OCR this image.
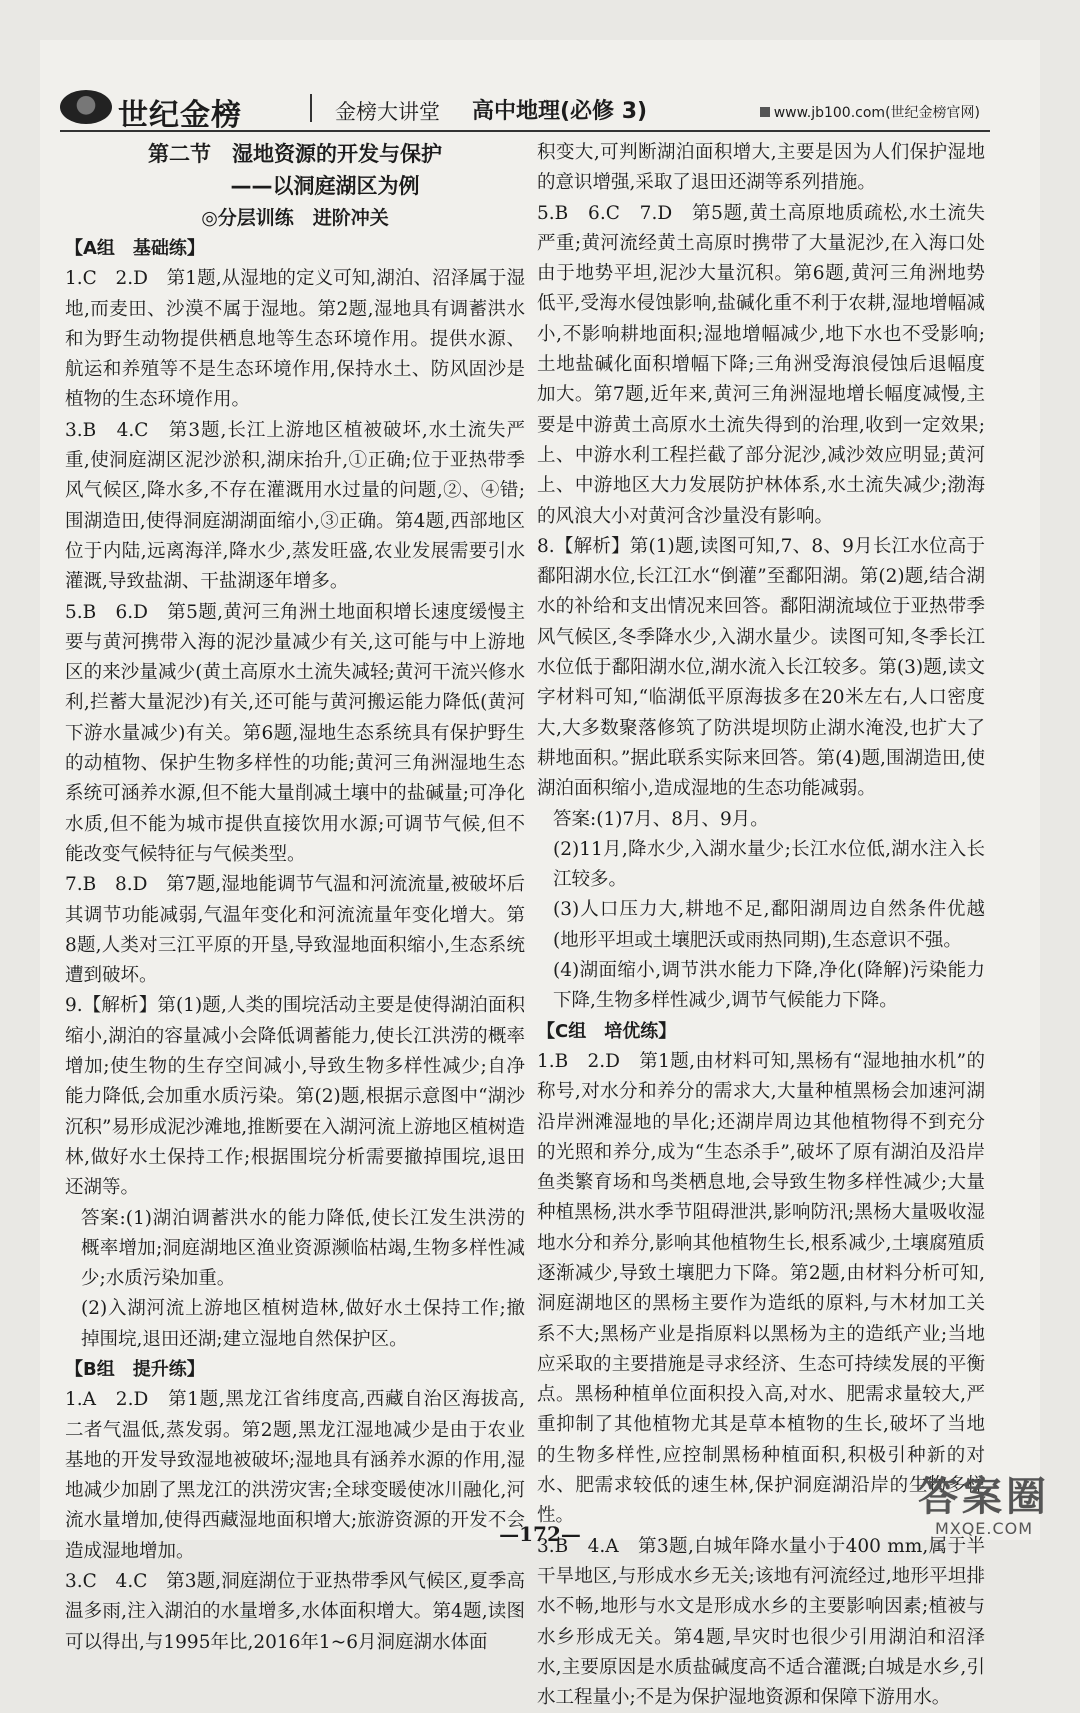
世纪金榜	金榜大讲堂 高中地理(必修 3)	www.jb100.com(世纪金榜官网)

第二节　湿地资源的开发与保护

——以洞庭湖区为例

◎分层训练　进阶冲关

【A组　基础练】

1.C　2.D　第1题,从湿地的定义可知,湖泊、沼泽属于湿地,而麦田、沙漠不属于湿地。第2题,湿地具有调蓄洪水和为野生动物提供栖息地等生态环境作用。提供水源、航运和养殖等不是生态环境作用,保持水土、防风固沙是植物的生态环境作用。

3.B　4.C　第3题,长江上游地区植被破坏,水土流失严重,使洞庭湖区泥沙淤积,湖床抬升,①正确;位于亚热带季风气候区,降水多,不存在灌溉用水过量的问题,②、④错;围湖造田,使得洞庭湖湖面缩小,③正确。第4题,西部地区位于内陆,远离海洋,降水少,蒸发旺盛,农业发展需要引水灌溉,导致盐湖、干盐湖逐年增多。

5.B　6.D　第5题,黄河三角洲土地面积增长速度缓慢主要与黄河携带入海的泥沙量减少有关,这可能与中上游地区的来沙量减少(黄土高原水土流失减轻;黄河干流兴修水利,拦蓄大量泥沙)有关,还可能与黄河搬运能力降低(黄河下游水量减少)有关。第6题,湿地生态系统具有保护野生的动植物、保护生物多样性的功能;黄河三角洲湿地生态系统可涵养水源,但不能大量削减土壤中的盐碱量;可净化水质,但不能为城市提供直接饮用水源;可调节气候,但不能改变气候特征与气候类型。

7.B　8.D　第7题,湿地能调节气温和河流流量,被破坏后其调节功能减弱,气温年变化和河流流量年变化增大。第8题,人类对三江平原的开垦,导致湿地面积缩小,生态系统遭到破坏。

9.【解析】第(1)题,人类的围垸活动主要是使得湖泊面积缩小,湖泊的容量减小会降低调蓄能力,使长江洪涝的概率增加;使生物的生存空间减小,导致生物多样性减少;自净能力降低,会加重水质污染。第(2)题,根据示意图中“湖沙沉积”易形成泥沙滩地,推断要在入湖河流上游地区植树造林,做好水土保持工作;根据围垸分析需要撤掉围垸,退田还湖等。

答案:(1)湖泊调蓄洪水的能力降低,使长江发生洪涝的概率增加;洞庭湖地区渔业资源濒临枯竭,生物多样性减少;水质污染加重。

(2)入湖河流上游地区植树造林,做好水土保持工作;撤掉围垸,退田还湖;建立湿地自然保护区。

【B组　提升练】

1.A　2.D　第1题,黑龙江省纬度高,西藏自治区海拔高,二者气温低,蒸发弱。第2题,黑龙江湿地减少是由于农业基地的开发导致湿地被破坏;湿地具有涵养水源的作用,湿地减少加剧了黑龙江的洪涝灾害;全球变暖使冰川融化,河流水量增加,使得西藏湿地面积增大;旅游资源的开发不会造成湿地增加。

3.C　4.C　第3题,洞庭湖位于亚热带季风气候区,夏季高温多雨,注入湖泊的水量增多,水体面积增大。第4题,读图可以得出,与1995年比,2016年1~6月洞庭湖水体面

积变大,可判断湖泊面积增大,主要是因为人们保护湿地的意识增强,采取了退田还湖等系列措施。

5.B　6.C　7.D　第5题,黄土高原地质疏松,水土流失严重;黄河流经黄土高原时携带了大量泥沙,在入海口处由于地势平坦,泥沙大量沉积。第6题,黄河三角洲地势低平,受海水侵蚀影响,盐碱化重不利于农耕,湿地增幅减小,不影响耕地面积;湿地增幅减少,地下水也不受影响;土地盐碱化面积增幅下降;三角洲受海浪侵蚀后退幅度加大。第7题,近年来,黄河三角洲湿地增长幅度减慢,主要是中游黄土高原水土流失得到的治理,收到一定效果;上、中游水利工程拦截了部分泥沙,减沙效应明显;黄河上、中游地区大力发展防护林体系,水土流失减少;渤海的风浪大小对黄河含沙量没有影响。

8.【解析】第(1)题,读图可知,7、8、9月长江水位高于鄱阳湖水位,长江江水“倒灌”至鄱阳湖。第(2)题,结合湖水的补给和支出情况来回答。鄱阳湖流域位于亚热带季风气候区,冬季降水少,入湖水量少。读图可知,冬季长江水位低于鄱阳湖水位,湖水流入长江较多。第(3)题,读文字材料可知,“临湖低平原海拔多在20米左右,人口密度大,大多数聚落修筑了防洪堤坝防止湖水淹没,也扩大了耕地面积。”据此联系实际来回答。第(4)题,围湖造田,使湖泊面积缩小,造成湿地的生态功能减弱。

答案:(1)7月、8月、9月。

(2)11月,降水少,入湖水量少;长江水位低,湖水注入长江较多。

(3)人口压力大,耕地不足,鄱阳湖周边自然条件优越(地形平坦或土壤肥沃或雨热同期),生态意识不强。

(4)湖面缩小,调节洪水能力下降,净化(降解)污染能力下降,生物多样性减少,调节气候能力下降。

【C组　培优练】

1.B　2.D　第1题,由材料可知,黑杨有“湿地抽水机”的称号,对水分和养分的需求大,大量种植黑杨会加速河湖沿岸洲滩湿地的旱化;还湖岸周边其他植物得不到充分的光照和养分,成为“生态杀手”,破坏了原有湖泊及沿岸鱼类繁育场和鸟类栖息地,会导致生物多样性减少;大量种植黑杨,洪水季节阻碍泄洪,影响防汛;黑杨大量吸收湿地水分和养分,影响其他植物生长,根系减少,土壤腐殖质逐渐减少,导致土壤肥力下降。第2题,由材料分析可知,洞庭湖地区的黑杨主要作为造纸的原料,与木材加工关系不大;黑杨产业是指原料以黑杨为主的造纸产业;当地应采取的主要措施是寻求经济、生态可持续发展的平衡点。黑杨种植单位面积投入高,对水、肥需求量较大,严重抑制了其他植物尤其是草本植物的生长,破坏了当地的生物多样性,应控制黑杨种植面积,积极引种新的对水、肥需求较低的速生林,保护洞庭湖沿岸的生物多样性。

3.B　4.A　第3题,白城年降水量小于400 mm,属于半干旱地区,与形成水乡无关;该地有河流经过,地形平坦排水不畅,地形与水文是形成水乡的主要影响因素;植被与水乡形成无关。第4题,旱灾时也很少引用湖泊和沼泽水,主要原因是水质盐碱度高不适合灌溉;白城是水乡,引水工程量小;不是为保护湿地资源和保障下游用水。

—172—
答案圈
MXQE.COM
